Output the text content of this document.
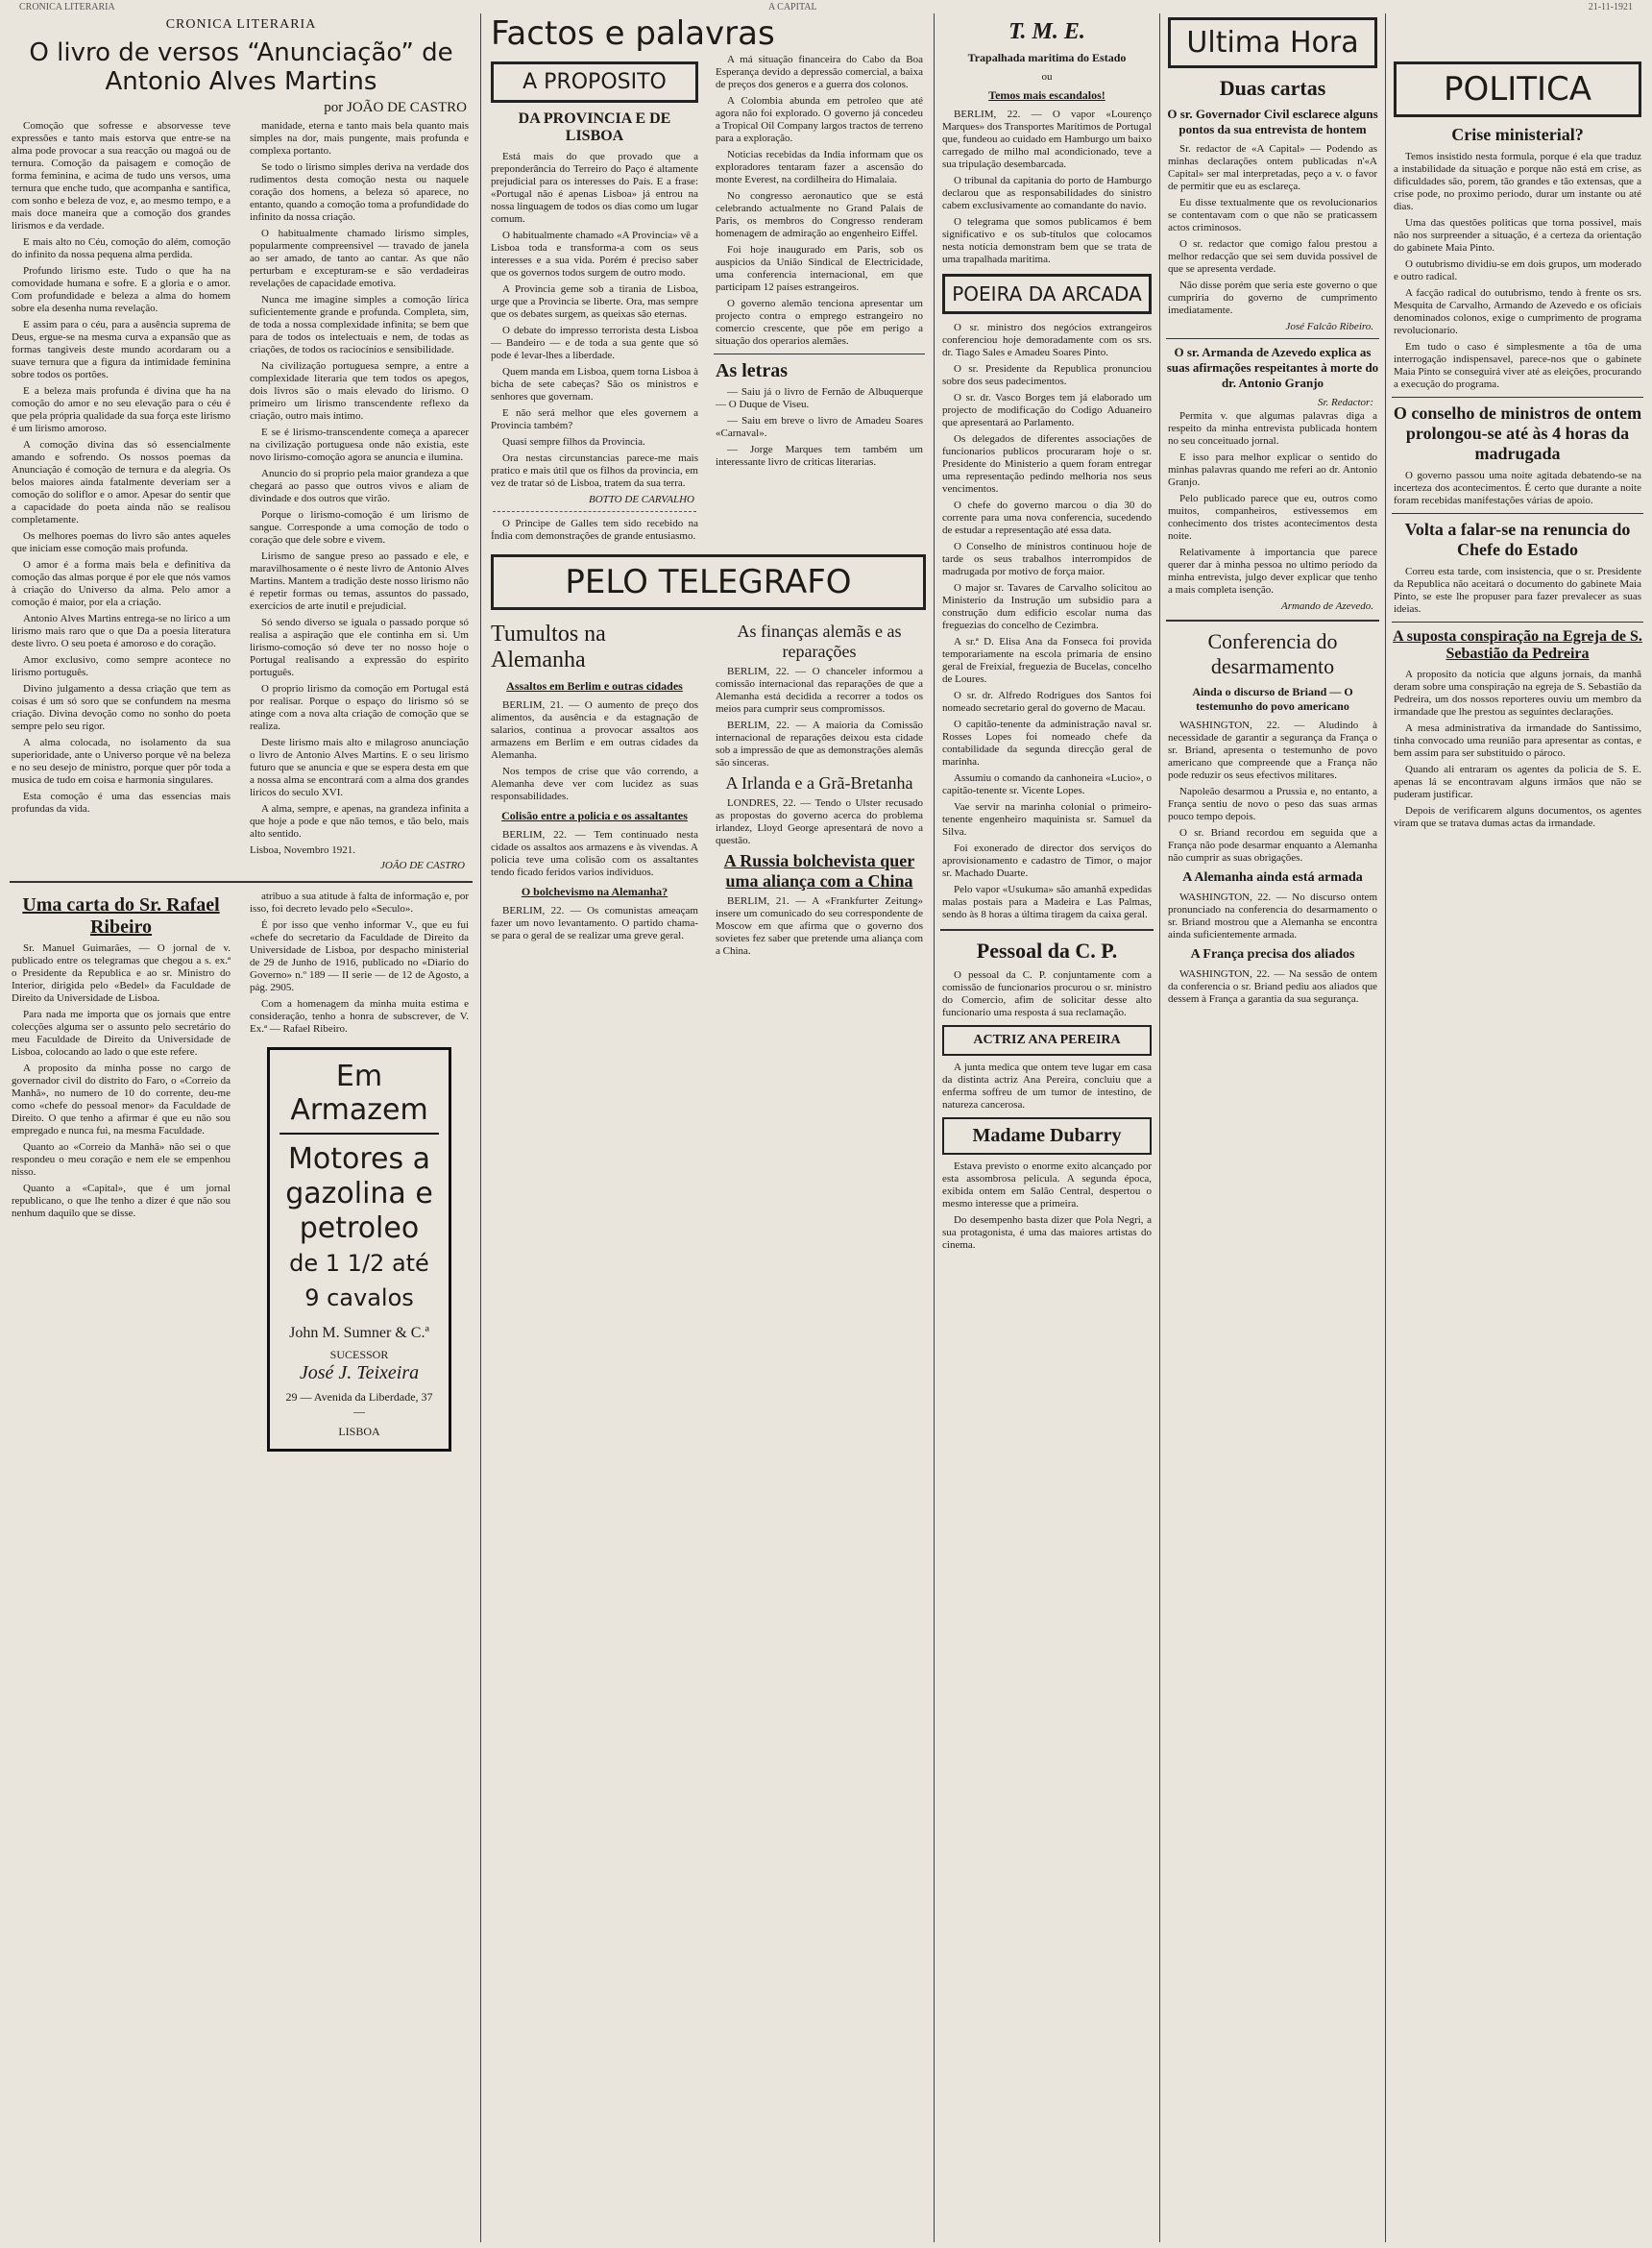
CRONICA LITERARIA	A CAPITAL	21-11-1921
CRONICA LITERARIA
O livro de versos “Anunciação” de Antonio Alves Martins
por JOÃO DE CASTRO

Comoção que sofresse e absorvesse teve expressões e tanto mais estorva que entre-se na alma pode provocar a sua reacção ou magoá ou de ternura. Comoção da paisagem e comoção de forma feminina, e acima de tudo uns versos, uma ternura que enche tudo, que acompanha e santifica, com sonho e beleza de voz, e, ao mesmo tempo, e a mais doce maneira que a comoção dos grandes lirismos e da verdade.

E mais alto no Céu, comoção do além, comoção do infinito da nossa pequena alma perdida.

Profundo lirismo este. Tudo o que ha na comovidade humana e sofre. E a gloria e o amor. Com profundidade e beleza a alma do homem sobre ela desenha numa revelação.

E assim para o céu, para a ausência suprema de Deus, ergue-se na mesma curva a expansão que as formas tangiveis deste mundo acordaram ou a suave ternura que a figura da intimidade feminina sobre todos os portões.

E a beleza mais profunda é divina que ha na comoção do amor e no seu elevação para o céu é que pela própria qualidade da sua força este lirismo é um lirismo amoroso.

A comoção divina das só essencialmente amando e sofrendo. Os nossos poemas da Anunciação é comoção de ternura e da alegria. Os belos maiores ainda fatalmente deveriam ser a comoção do soliflor e o amor. Apesar do sentir que a capacidade do poeta ainda não se realisou completamente.

Os melhores poemas do livro são antes aqueles que iniciam esse comoção mais profunda.

O amor é a forma mais bela e definitiva da comoção das almas porque é por ele que nós vamos à criação do Universo da alma. Pelo amor a comoção é maior, por ela a criação.

Antonio Alves Martins entrega-se no lirico a um lirismo mais raro que o que Da a poesia literatura deste livro. O seu poeta é amoroso e do coração.

Amor exclusivo, como sempre acontece no lirismo português.

Divino julgamento a dessa criação que tem as coisas é um só soro que se confundem na mesma criação. Divina devoção como no sonho do poeta sempre pelo seu rigor.

A alma colocada, no isolamento da sua superioridade, ante o Universo porque vê na beleza e no seu desejo de ministro, porque quer pôr toda a musica de tudo em coisa e harmonia singulares.

Esta comoção é uma das essencias mais profundas da vida.

manidade, eterna e tanto mais bela quanto mais simples na dor, mais pungente, mais profunda e complexa portanto.

Se todo o lirismo simples deriva na verdade dos rudimentos desta comoção nesta ou naquele coração dos homens, a beleza só aparece, no entanto, quando a comoção toma a profundidade do infinito da nossa criação.

O habitualmente chamado lirismo simples, popularmente compreensivel — travado de janela ao ser amado, de tanto ao cantar. As que não perturbam e excepturam-se e são verdadeiras revelações de capacidade emotiva.

Nunca me imagine simples a comoção lírica suficientemente grande e profunda. Completa, sim, de toda a nossa complexidade infinita; se bem que para de todos os intelectuais e nem, de todas as criações, de todos os raciocínios e sensibilidade.

Na civilização portuguesa sempre, a entre a complexidade literaria que tem todos os apegos, dois livros são o mais elevado do lirismo. O primeiro um lirismo transcendente reflexo da criação, outro mais íntimo.

E se é lirismo-transcendente começa a aparecer na civilização portuguesa onde não existia, este novo lirismo-comoção agora se anuncia e ilumina.

Anuncio do si proprio pela maior grandeza a que chegará ao passo que outros vivos e aliam de divindade e dos outros que virão.

Porque o lirismo-comoção é um lirismo de sangue. Corresponde a uma comoção de todo o coração que dele sobre e vivem.

Lirismo de sangue preso ao passado e ele, e maravilhosamente o é neste livro de Antonio Alves Martins. Mantem a tradição deste nosso lirismo não é repetir formas ou temas, assuntos do passado, exercícios de arte inutil e prejudicial.

Só sendo diverso se iguala o passado porque só realisa a aspiração que ele continha em si. Um lirismo-comoção só deve ter no nosso hoje o Portugal realisando a expressão do espirito português.

O proprio lirismo da comoção em Portugal está por realisar. Porque o espaço do lirismo só se atinge com a nova alta criação de comoção que se realiza.

Deste lirismo mais alto e milagroso anunciação o livro de Antonio Alves Martins. E o seu lirismo futuro que se anuncia e que se espera desta em que a nossa alma se encontrará com a alma dos grandes liricos do seculo XVI.

A alma, sempre, e apenas, na grandeza infinita a que hoje a pode e que não temos, e tão belo, mais alto sentido.

Lisboa, Novembro 1921.
JOÃO DE CASTRO
Uma carta do Sr. Rafael Ribeiro

Sr. Manuel Guimarães, — O jornal de v. publicado entre os telegramas que chegou a s. ex.ª o Presidente da Republica e ao sr. Ministro do Interior, dirigida pelo «Bedel» da Faculdade de Direito da Universidade de Lisboa.

Para nada me importa que os jornais que entre colecções alguma ser o assunto pelo secretário do meu Faculdade de Direito da Universidade de Lisboa, colocando ao lado o que este refere.

A proposito da minha posse no cargo de governador civil do distrito do Faro, o «Correio da Manhã», no numero de 10 do corrente, deu-me como «chefe do pessoal menor» da Faculdade de Direito. O que tenho a afirmar é que eu não sou empregado e nunca fui, na mesma Faculdade.

Quanto ao «Correio da Manhã» não sei o que respondeu o meu coração e nem ele se empenhou nisso.

Quanto a «Capital», que é um jornal republicano, o que lhe tenho a dizer é que não sou nenhum daquilo que se disse.

atribuo a sua atitude à falta de informação e, por isso, foi decreto levado pelo «Seculo».

É por isso que venho informar V., que eu fui «chefe do secretario da Faculdade de Direito da Universidade de Lisboa, por despacho ministerial de 29 de Junho de 1916, publicado no «Diario do Governo» n.º 189 — II serie — de 12 de Agosto, a pág. 2905.

Com a homenagem da minha muita estima e consideração, tenho a honra de subscrever, de V. Ex.ª — Rafael Ribeiro.

Em Armazem
Motores a gazolina e petroleo
de 1 1/2 até 9 cavalos
John M. Sumner & C.ª
SUCESSOR
José J. Teixeira
29 — Avenida da Liberdade, 37 —
LISBOA
Factos e palavras
A PROPOSITO
DA PROVINCIA E DE LISBOA

Está mais do que provado que a preponderância do Terreiro do Paço é altamente prejudicial para os interesses do País. E a frase: «Portugal não é apenas Lisboa» já entrou na nossa linguagem de todos os dias como um lugar comum.

O habitualmente chamado «A Provincia» vê a Lisboa toda e transforma-a com os seus interesses e a sua vida. Porém é preciso saber que os governos todos surgem de outro modo.

A Provincia geme sob a tirania de Lisboa, urge que a Provincia se liberte. Ora, mas sempre que os debates surgem, as queixas são eternas.

O debate do impresso terrorista desta Lisboa — Bandeiro — e de toda a sua gente que só pode é levar-lhes a liberdade.

Quem manda em Lisboa, quem torna Lisboa à bicha de sete cabeças? São os ministros e senhores que governam.

E não será melhor que eles governem a Provincia também?

Quasi sempre filhos da Provincia.

Ora nestas circunstancias parece-me mais pratico e mais útil que os filhos da provincia, em vez de tratar só de Lisboa, tratem da sua terra.

BOTTO DE CARVALHO

O Principe de Galles tem sido recebido na Índia com demonstrações de grande entusiasmo.

A má situação financeira do Cabo da Boa Esperança devido a depressão comercial, a baixa de preços dos generos e a guerra dos colonos.

A Colombia abunda em petroleo que até agora não foi explorado. O governo já concedeu a Tropical Oil Company largos tractos de terreno para a exploração.

Noticias recebidas da India informam que os exploradores tentaram fazer a ascensão do monte Everest, na cordilheira do Himalaia.

No congresso aeronautico que se está celebrando actualmente no Grand Palais de Paris, os membros do Congresso renderam homenagem de admiração ao engenheiro Eiffel.

Foi hoje inaugurado em Paris, sob os auspicios da União Sindical de Electricidade, uma conferencia internacional, em que participam 12 países estrangeiros.

O governo alemão tenciona apresentar um projecto contra o emprego estrangeiro no comercio crescente, que põe em perigo a situação dos operarios alemães.

As letras

— Saiu já o livro de Fernão de Albuquerque — O Duque de Viseu.

— Saiu em breve o livro de Amadeu Soares «Carnaval».

— Jorge Marques tem também um interessante livro de criticas literarias.

PELO TELEGRAFO
Tumultos na Alemanha
Assaltos em Berlim e outras cidades

BERLIM, 21. — O aumento de preço dos alimentos, da ausência e da estagnação de salarios, continua a provocar assaltos aos armazens em Berlim e em outras cidades da Alemanha.

Nos tempos de crise que vão correndo, a Alemanha deve ver com lucidez as suas responsabilidades.

Colisão entre a policia e os assaltantes

BERLIM, 22. — Tem continuado nesta cidade os assaltos aos armazens e às vivendas. A policia teve uma colisão com os assaltantes tendo ficado feridos varios individuos.

O bolchevismo na Alemanha?

BERLIM, 22. — Os comunistas ameaçam fazer um novo levantamento. O partido chama-se para o geral de se realizar uma greve geral.

As finanças alemãs e as reparações

BERLIM, 22. — O chanceler informou a comissão internacional das reparações de que a Alemanha está decidida a recorrer a todos os meios para cumprir seus compromissos.

BERLIM, 22. — A maioria da Comissão internacional de reparações deixou esta cidade sob a impressão de que as demonstrações alemãs são sinceras.

A Irlanda e a Grã-Bretanha

LONDRES, 22. — Tendo o Ulster recusado as propostas do governo acerca do problema irlandez, Lloyd George apresentará de novo a questão.

A Russia bolchevista quer uma aliança com a China

BERLIM, 21. — A «Frankfurter Zeitung» insere um comunicado do seu correspondente de Moscow em que afirma que o governo dos sovietes fez saber que pretende uma aliança com a China.

T. M. E.
Trapalhada maritima do Estado
ou
Temos mais escandalos!

BERLIM, 22. — O vapor «Lourenço Marques» dos Transportes Marítimos de Portugal que, fundeou ao cuidado em Hamburgo um baixo carregado de milho mal acondicionado, teve a sua tripulação desembarcada.

O tribunal da capitania do porto de Hamburgo declarou que as responsabilidades do sinistro cabem exclusivamente ao comandante do navio.

O telegrama que somos publicamos é bem significativo e os sub-títulos que colocamos nesta notícia demonstram bem que se trata de uma trapalhada maritima.

POEIRA DA ARCADA

O sr. ministro dos negócios extrangeiros conferenciou hoje demoradamente com os srs. dr. Tiago Sales e Amadeu Soares Pinto.

O sr. Presidente da Republica pronunciou sobre dos seus padecimentos.

O sr. dr. Vasco Borges tem já elaborado um projecto de modificação do Codigo Aduaneiro que apresentará ao Parlamento.

Os delegados de diferentes associações de funcionarios publicos procuraram hoje o sr. Presidente do Ministerio a quem foram entregar uma representação pedindo melhoria nos seus vencimentos.

O chefe do governo marcou o dia 30 do corrente para uma nova conferencia, sucedendo de estudar a representação até essa data.

O Conselho de ministros continuou hoje de tarde os seus trabalhos interrompidos de madrugada por motivo de força maior.

O major sr. Tavares de Carvalho solicitou ao Ministerio da Instrução um subsidio para a construção dum edificio escolar numa das freguezias do concelho de Cezimbra.

A sr.ª D. Elisa Ana da Fonseca foi provida temporariamente na escola primaria de ensino geral de Freixial, freguezia de Bucelas, concelho de Loures.

O sr. dr. Alfredo Rodrigues dos Santos foi nomeado secretario geral do governo de Macau.

O capitão-tenente da administração naval sr. Rosses Lopes foi nomeado chefe da contabilidade da segunda direcção geral de marinha.

Assumiu o comando da canhoneira «Lucio», o capitão-tenente sr. Vicente Lopes.

Vae servir na marinha colonial o primeiro-tenente engenheiro maquinista sr. Samuel da Silva.

Foi exonerado de director dos serviços do aprovisionamento e cadastro de Timor, o major sr. Machado Duarte.

Pelo vapor «Usukuma» são amanhã expedidas malas postais para a Madeira e Las Palmas, sendo às 8 horas a última tiragem da caixa geral.

Pessoal da C. P.

O pessoal da C. P. conjuntamente com a comissão de funcionarios procurou o sr. ministro do Comercio, afim de solicitar desse alto funcionario uma resposta á sua reclamação.

ACTRIZ ANA PEREIRA

A junta medica que ontem teve lugar em casa da distinta actriz Ana Pereira, concluiu que a enferma soffreu de um tumor de intestino, de natureza cancerosa.

Madame Dubarry

Estava previsto o enorme exito alcançado por esta assombrosa pelicula. A segunda época, exibida ontem em Salão Central, despertou o mesmo interesse que a primeira.

Do desempenho basta dizer que Pola Negri, a sua protagonista, é uma das maiores artistas do cinema.

Ultima Hora
Duas cartas
O sr. Governador Civil esclarece alguns pontos da sua entrevista de hontem

Sr. redactor de «A Capital» — Podendo as minhas declarações ontem publicadas n'«A Capital» ser mal interpretadas, peço a v. o favor de permitir que eu as esclareça.

Eu disse textualmente que os revolucionarios se contentavam com o que não se praticassem actos criminosos.

O sr. redactor que comigo falou prestou a melhor redacção que sei sem duvida possivel de que se apresenta verdade.

Não disse porém que seria este governo o que cumpriria do governo de cumprimento imediatamente.

José Falcão Ribeiro.
O sr. Armanda de Azevedo explica as suas afirmações respeitantes à morte do dr. Antonio Granjo
Sr. Redactor:

Permita v. que algumas palavras diga a respeito da minha entrevista publicada hontem no seu conceituado jornal.

E isso para melhor explicar o sentido do minhas palavras quando me referi ao dr. Antonio Granjo.

Pelo publicado parece que eu, outros como muitos, companheiros, estivessemos em conhecimento dos tristes acontecimentos desta noite.

Relativamente à importancia que parece querer dar à minha pessoa no ultimo período da minha entrevista, julgo dever explicar que tenho a mais completa isenção.

Armando de Azevedo.
Conferencia do desarmamento
Ainda o discurso de Briand — O testemunho do povo americano

WASHINGTON, 22. — Aludindo à necessidade de garantir a segurança da França o sr. Briand, apresenta o testemunho de povo americano que compreende que a França não pode reduzir os seus efectivos militares.

Napoleão desarmou a Prussia e, no entanto, a França sentiu de novo o peso das suas armas pouco tempo depois.

O sr. Briand recordou em seguida que a França não pode desarmar enquanto a Alemanha não cumprir as suas obrigações.

A Alemanha ainda está armada

WASHINGTON, 22. — No discurso ontem pronunciado na conferencia do desarmamento o sr. Briand mostrou que a Alemanha se encontra ainda suficientemente armada.

A França precisa dos aliados

WASHINGTON, 22. — Na sessão de ontem da conferencia o sr. Briand pediu aos aliados que dessem à França a garantia da sua segurança.

POLITICA
Crise ministerial?

Temos insistido nesta formula, porque é ela que traduz a instabilidade da situação e porque não está em crise, as dificuldades são, porem, tão grandes e tão extensas, que a crise pode, no proximo periodo, durar um instante ou até dias.

Uma das questões politicas que torna possivel, mais não nos surpreender a situação, é a certeza da orientação do gabinete Maia Pinto.

O outubrismo dividiu-se em dois grupos, um moderado e outro radical.

A facção radical do outubrismo, tendo à frente os srs. Mesquita de Carvalho, Armando de Azevedo e os oficiais denominados colonos, exige o cumprimento de programa revolucionario.

Em tudo o caso é simplesmente a tôa de uma interrogação indispensavel, parece-nos que o gabinete Maia Pinto se conseguirá viver até as eleições, procurando a execução do programa.

O conselho de ministros de ontem prolongou-se até às 4 horas da madrugada

O governo passou uma noite agitada debatendo-se na incerteza dos acontecimentos. É certo que durante a noite foram recebidas manifestações várias de apoio.

Volta a falar-se na renuncia do Chefe do Estado

Correu esta tarde, com insistencia, que o sr. Presidente da Republica não aceitará o documento do gabinete Maia Pinto, se este lhe propuser para fazer prevalecer as suas ideias.

A suposta conspiração na Egreja de S. Sebastião da Pedreira

A proposito da noticia que alguns jornais, da manhã deram sobre uma conspiração na egreja de S. Sebastião da Pedreira, um dos nossos reporteres ouviu um membro da irmandade que lhe prestou as seguintes declarações.

A mesa administrativa da irmandade do Santissimo, tinha convocado uma reunião para apresentar as contas, e bem assim para ser substituido o pároco.

Quando ali entraram os agentes da policia de S. E. apenas lá se encontravam alguns irmãos que não se puderam justificar.

Depois de verificarem alguns documentos, os agentes viram que se tratava dumas actas da irmandade.
